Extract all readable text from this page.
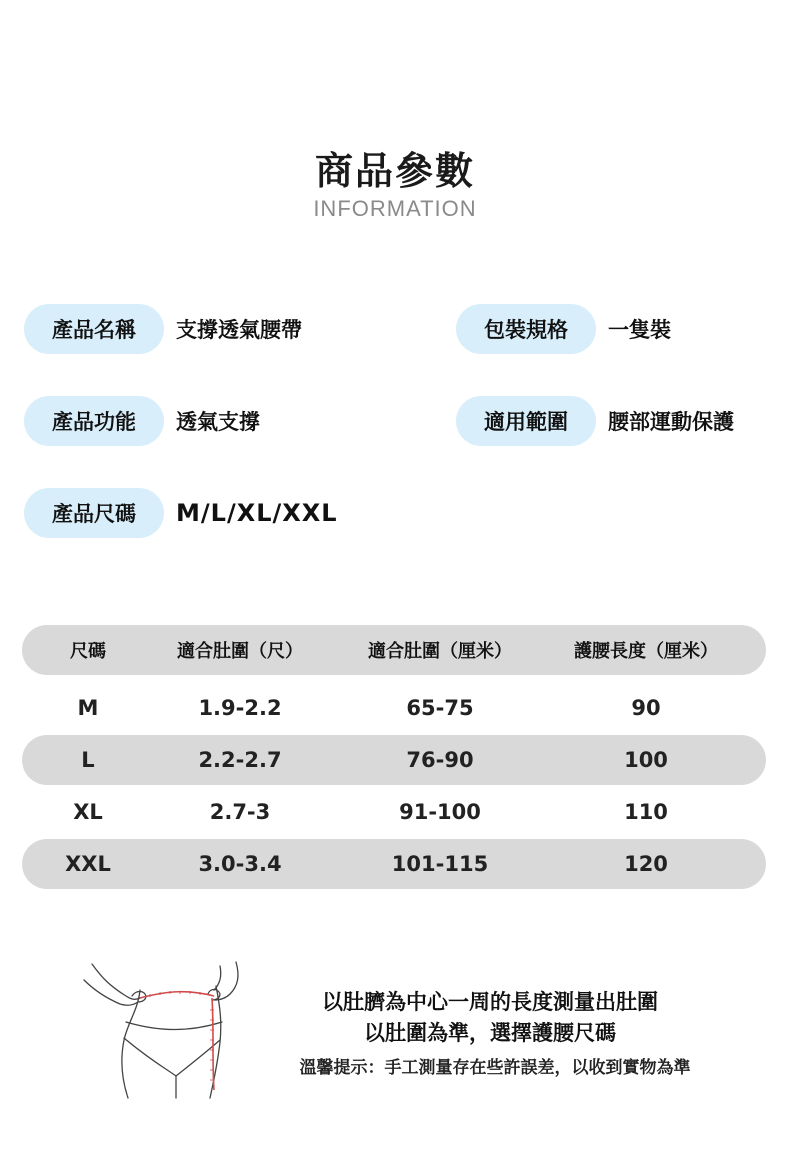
商品參數
INFORMATION
產品名稱	支撐透氣腰帶	包裝規格	一隻裝
產品功能	透氣支撐	適用範圍	腰部運動保護
產品尺碼	M/L/XL/XXL
尺碼	適合肚圍（尺）	適合肚圍（厘米）	護腰長度（厘米）
M	1.9-2.2	65-75	90
L	2.2-2.7	76-90	100
XL	2.7-3	91-100	110
XXL	3.0-3.4	101-115	120
以肚臍為中心一周的長度測量出肚圍
以肚圍為準，選擇護腰尺碼
溫馨提示：手工測量存在些許誤差，以收到實物為準
